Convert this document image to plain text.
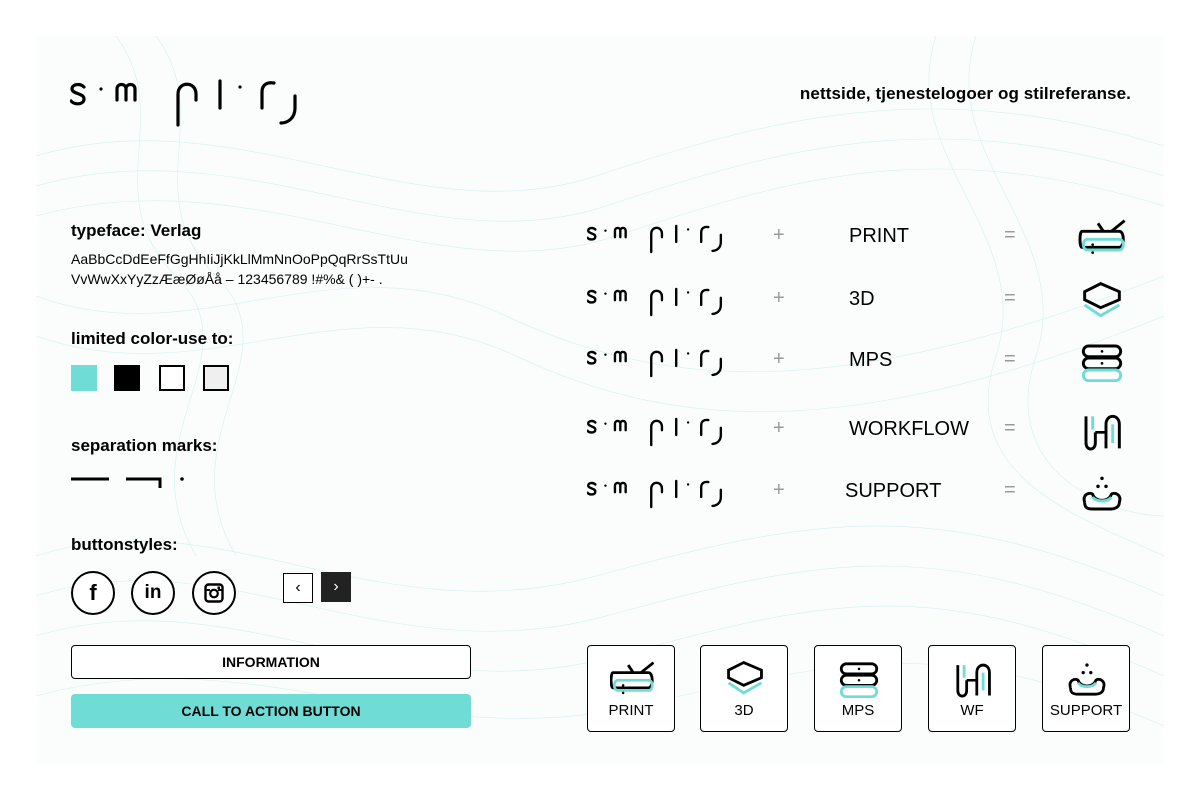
simplify
nettside, tjenestelogoer og stilreferanse.
typeface: Verlag
AaBbCcDdEeFfGgHhIiJjKkLlMmNnOoPpQqRrSsTtUu
VvWwXxYyZzÆæØøÅå – 123456789 !#%& ( )+- .
limited color-use to:
separation marks:
buttonstyles:
f	in	‹ ›
INFORMATION
CALL TO ACTION BUTTON
+	PRINT	=
+	3D	=
+	MPS	=
+	WORKFLOW =
+	SUPPORT	=
PRINT	3D	MPS	WF	SUPPORT
